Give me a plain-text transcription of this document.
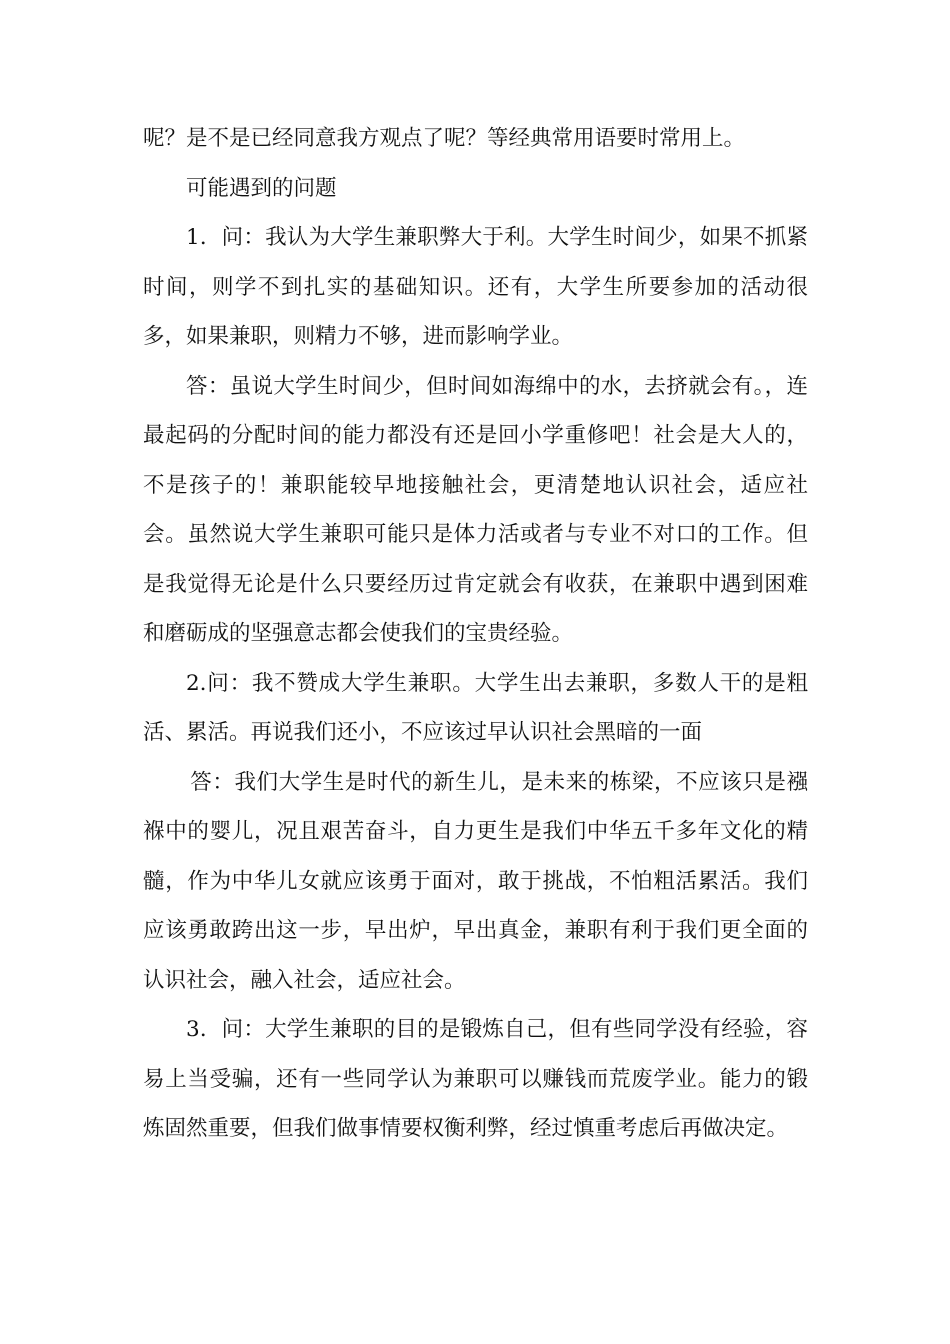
呢？是不是已经同意我方观点了呢？等经典常用语要时常用上。

可能遇到的问题

1．问：我认为大学生兼职弊大于利。大学生时间少，如果不抓紧时间，则学不到扎实的基础知识。还有，大学生所要参加的活动很多，如果兼职，则精力不够，进而影响学业。

答：虽说大学生时间少，但时间如海绵中的水，去挤就会有。，连最起码的分配时间的能力都没有还是回小学重修吧！社会是大人的，不是孩子的！兼职能较早地接触社会，更清楚地认识社会，适应社会。虽然说大学生兼职可能只是体力活或者与专业不对口的工作。但是我觉得无论是什么只要经历过肯定就会有收获，在兼职中遇到困难和磨砺成的坚强意志都会使我们的宝贵经验。

2.问：我不赞成大学生兼职。大学生出去兼职，多数人干的是粗活、累活。再说我们还小，不应该过早认识社会黑暗的一面

答：我们大学生是时代的新生儿，是未来的栋梁，不应该只是襁褓中的婴儿，况且艰苦奋斗，自力更生是我们中华五千多年文化的精髓，作为中华儿女就应该勇于面对，敢于挑战，不怕粗活累活。我们应该勇敢跨出这一步，早出炉，早出真金，兼职有利于我们更全面的认识社会，融入社会，适应社会。

3．问：大学生兼职的目的是锻炼自己，但有些同学没有经验，容易上当受骗，还有一些同学认为兼职可以赚钱而荒废学业。能力的锻炼固然重要，但我们做事情要权衡利弊，经过慎重考虑后再做决定。
